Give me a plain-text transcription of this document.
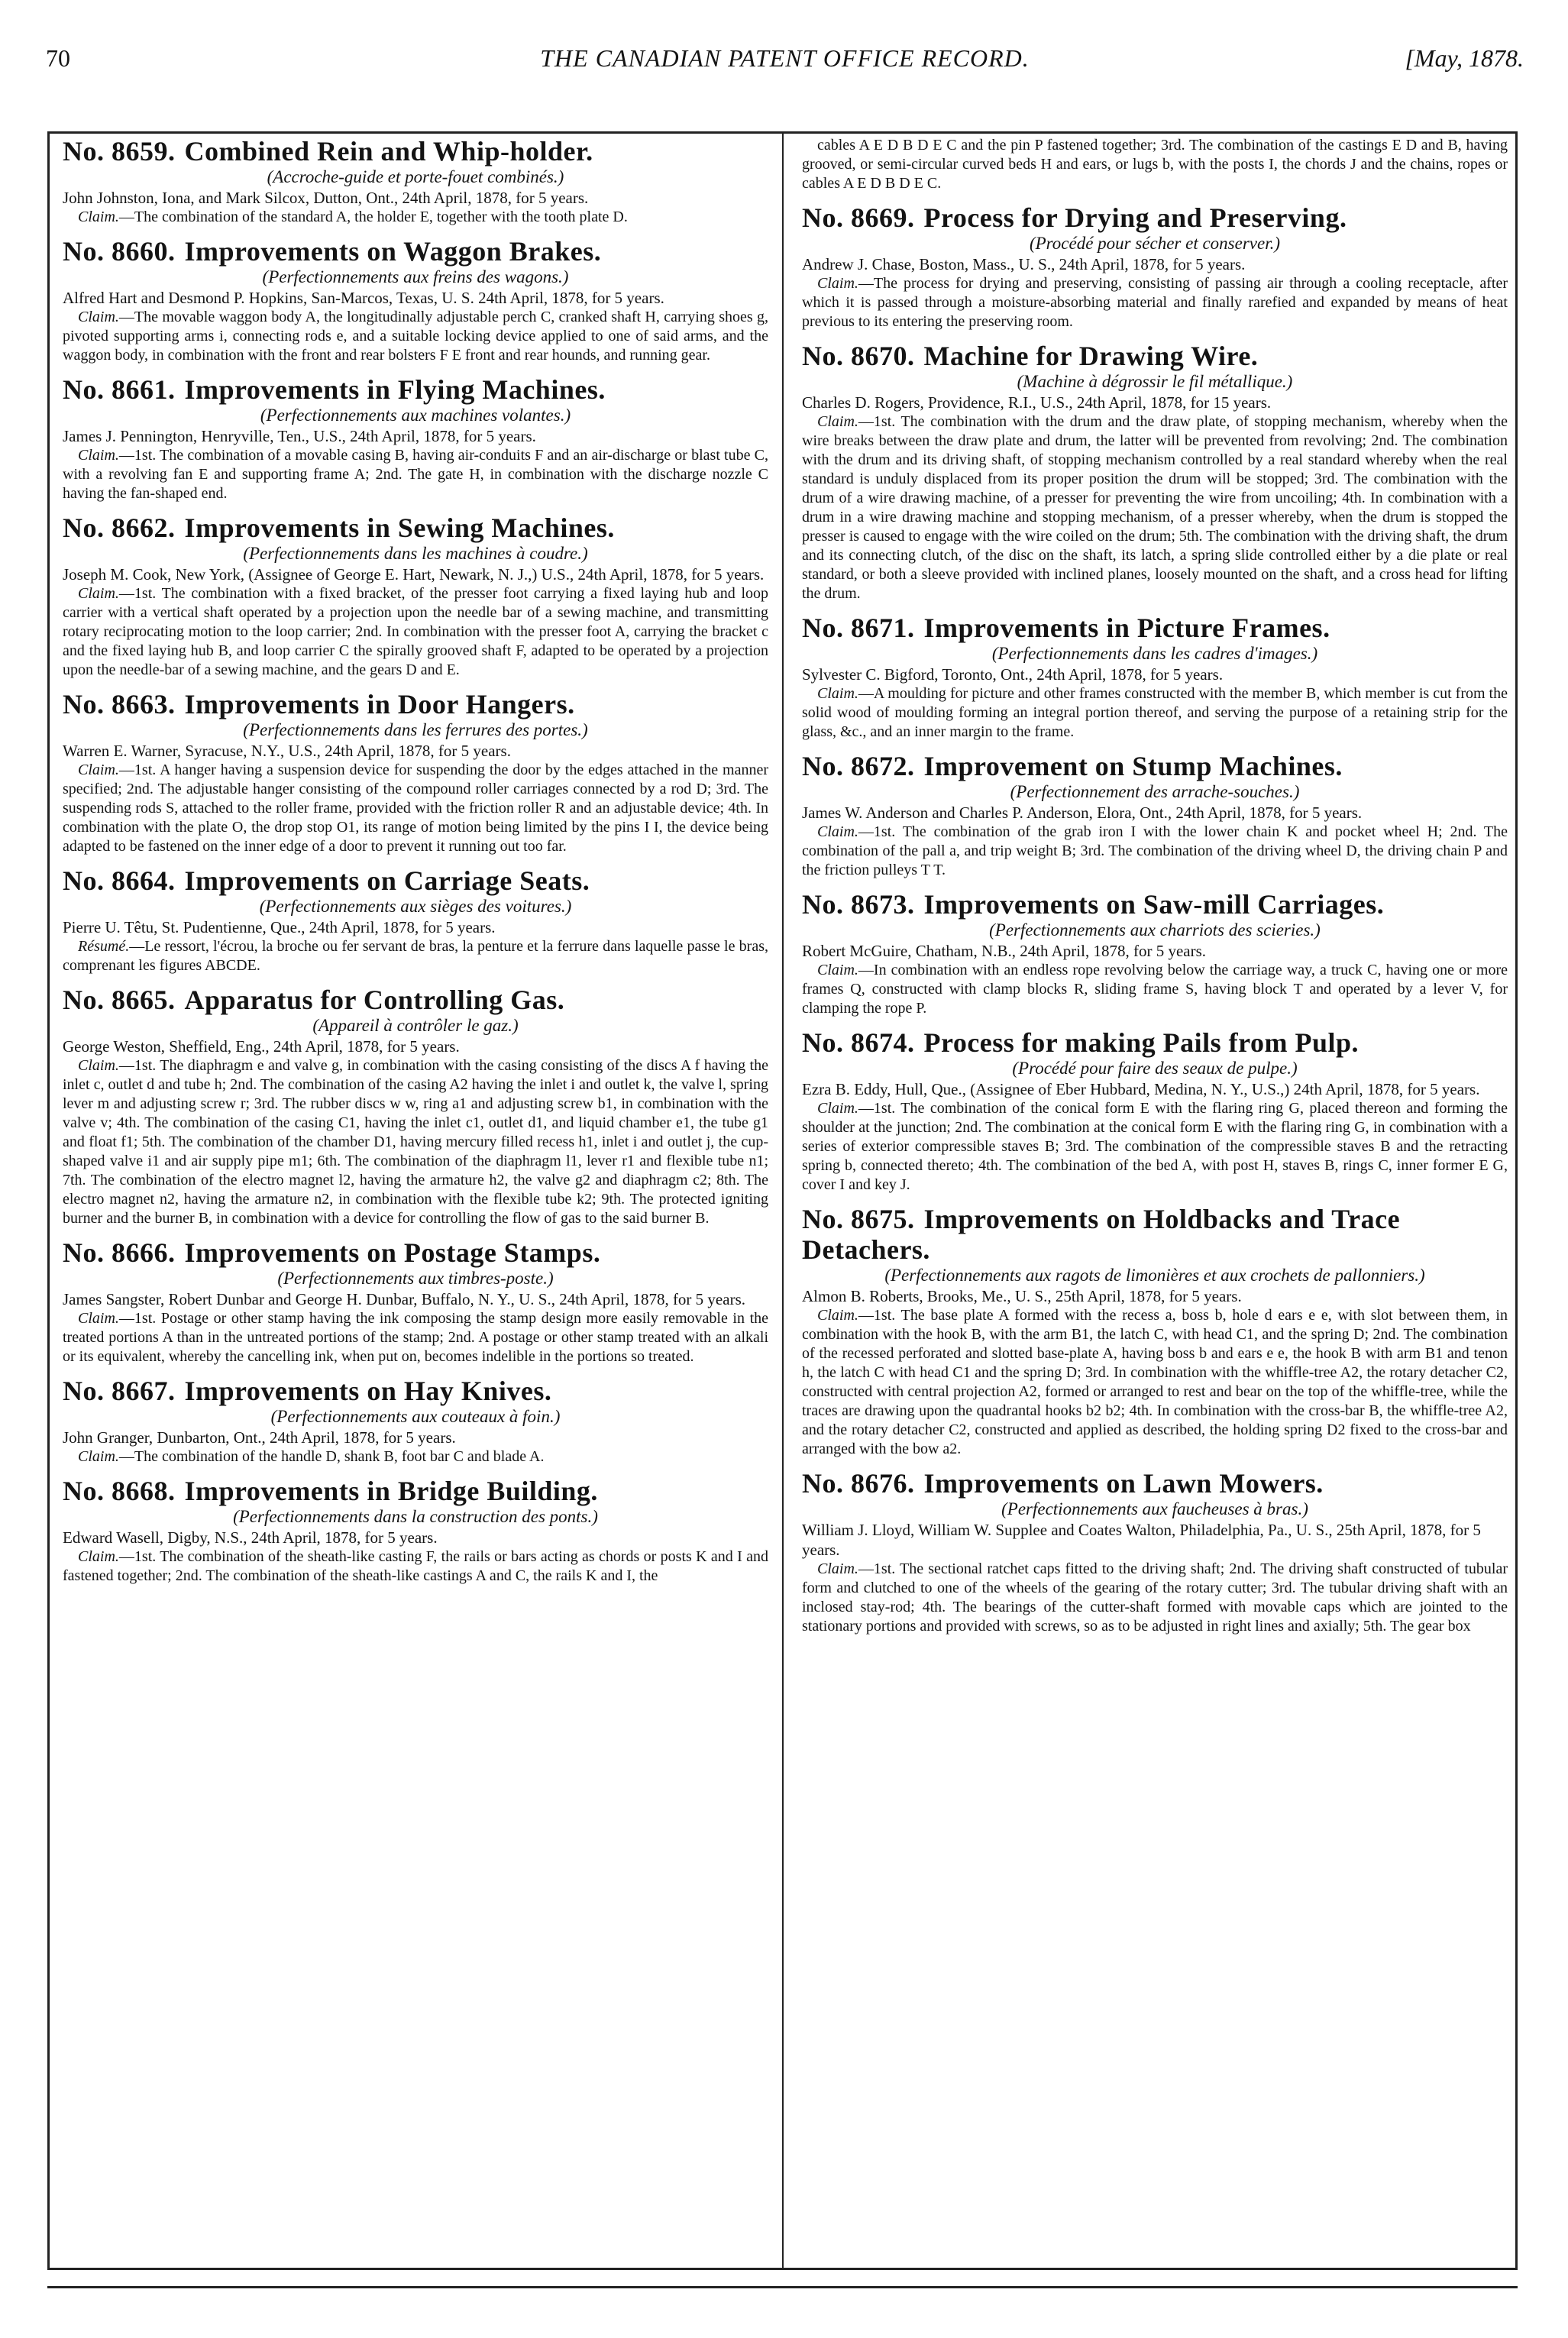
70	THE CANADIAN PATENT OFFICE RECORD.	[May, 1878.
No. 8659. Combined Rein and Whip-holder.
(Accroche-guide et porte-fouet combinés.)
John Johnston, Iona, and Mark Silcox, Dutton, Ont., 24th April, 1878, for 5 years.
Claim.—The combination of the standard A, the holder E, together with the tooth plate D.
No. 8660. Improvements on Waggon Brakes.
(Perfectionnements aux freins des wagons.)
Alfred Hart and Desmond P. Hopkins, San-Marcos, Texas, U. S. 24th April, 1878, for 5 years.
Claim.—The movable waggon body A, the longitudinally adjustable perch C, cranked shaft H, carrying shoes g, pivoted supporting arms i, connecting rods e, and a suitable locking device applied to one of said arms, and the waggon body, in combination with the front and rear bolsters F E front and rear hounds, and running gear.
No. 8661. Improvements in Flying Machines.
(Perfectionnements aux machines volantes.)
James J. Pennington, Henryville, Ten., U.S., 24th April, 1878, for 5 years.
Claim.—1st. The combination of a movable casing B, having air-conduits F and an air-discharge or blast tube C, with a revolving fan E and supporting frame A; 2nd. The gate H, in combination with the discharge nozzle C having the fan-shaped end.
No. 8662. Improvements in Sewing Machines.
(Perfectionnements dans les machines à coudre.)
Joseph M. Cook, New York, (Assignee of George E. Hart, Newark, N. J.,) U.S., 24th April, 1878, for 5 years.
Claim.—1st. The combination with a fixed bracket, of the presser foot carrying a fixed laying hub and loop carrier with a vertical shaft operated by a projection upon the needle bar of a sewing machine, and transmitting rotary reciprocating motion to the loop carrier; 2nd. In combination with the presser foot A, carrying the bracket c and the fixed laying hub B, and loop carrier C the spirally grooved shaft F, adapted to be operated by a projection upon the needle-bar of a sewing machine, and the gears D and E.
No. 8663. Improvements in Door Hangers.
(Perfectionnements dans les ferrures des portes.)
Warren E. Warner, Syracuse, N.Y., U.S., 24th April, 1878, for 5 years.
Claim.—1st. A hanger having a suspension device for suspending the door by the edges attached in the manner specified; 2nd. The adjustable hanger consisting of the compound roller carriages connected by a rod D; 3rd. The suspending rods S, attached to the roller frame, provided with the friction roller R and an adjustable device; 4th. In combination with the plate O, the drop stop O1, its range of motion being limited by the pins I I, the device being adapted to be fastened on the inner edge of a door to prevent it running out too far.
No. 8664. Improvements on Carriage Seats.
(Perfectionnements aux sièges des voitures.)
Pierre U. Têtu, St. Pudentienne, Que., 24th April, 1878, for 5 years.
Résumé.—Le ressort, l'écrou, la broche ou fer servant de bras, la penture et la ferrure dans laquelle passe le bras, comprenant les figures ABCDE.
No. 8665. Apparatus for Controlling Gas.
(Appareil à contrôler le gaz.)
George Weston, Sheffield, Eng., 24th April, 1878, for 5 years.
Claim.—1st. The diaphragm e and valve g, in combination with the casing consisting of the discs A f having the inlet c, outlet d and tube h; 2nd. The combination of the casing A2 having the inlet i and outlet k, the valve l, spring lever m and adjusting screw r; 3rd. The rubber discs w w, ring a1 and adjusting screw b1, in combination with the valve v; 4th. The combination of the casing C1, having the inlet c1, outlet d1, and liquid chamber e1, the tube g1 and float f1; 5th. The combination of the chamber D1, having mercury filled recess h1, inlet i and outlet j, the cup-shaped valve i1 and air supply pipe m1; 6th. The combination of the diaphragm l1, lever r1 and flexible tube n1; 7th. The combination of the electro magnet l2, having the armature h2, the valve g2 and diaphragm c2; 8th. The electro magnet n2, having the armature n2, in combination with the flexible tube k2; 9th. The protected igniting burner and the burner B, in combination with a device for controlling the flow of gas to the said burner B.
No. 8666. Improvements on Postage Stamps.
(Perfectionnements aux timbres-poste.)
James Sangster, Robert Dunbar and George H. Dunbar, Buffalo, N. Y., U. S., 24th April, 1878, for 5 years.
Claim.—1st. Postage or other stamp having the ink composing the stamp design more easily removable in the treated portions A than in the untreated portions of the stamp; 2nd. A postage or other stamp treated with an alkali or its equivalent, whereby the cancelling ink, when put on, becomes indelible in the portions so treated.
No. 8667. Improvements on Hay Knives.
(Perfectionnements aux couteaux à foin.)
John Granger, Dunbarton, Ont., 24th April, 1878, for 5 years.
Claim.—The combination of the handle D, shank B, foot bar C and blade A.
No. 8668. Improvements in Bridge Building.
(Perfectionnements dans la construction des ponts.)
Edward Wasell, Digby, N.S., 24th April, 1878, for 5 years.
Claim.—1st. The combination of the sheath-like casting F, the rails or bars acting as chords or posts K and I and fastened together; 2nd. The combination of the sheath-like castings A and C, the rails K and I, the
cables A E D B D E C and the pin P fastened together; 3rd. The combination of the castings E D and B, having grooved, or semi-circular curved beds H and ears, or lugs b, with the posts I, the chords J and the chains, ropes or cables A E D B D E C.
No. 8669. Process for Drying and Preserving.
(Procédé pour sécher et conserver.)
Andrew J. Chase, Boston, Mass., U. S., 24th April, 1878, for 5 years.
Claim.—The process for drying and preserving, consisting of passing air through a cooling receptacle, after which it is passed through a moisture-absorbing material and finally rarefied and expanded by means of heat previous to its entering the preserving room.
No. 8670. Machine for Drawing Wire.
(Machine à dégrossir le fil métallique.)
Charles D. Rogers, Providence, R.I., U.S., 24th April, 1878, for 15 years.
Claim.—1st. The combination with the drum and the draw plate, of stopping mechanism, whereby when the wire breaks between the draw plate and drum, the latter will be prevented from revolving; 2nd. The combination with the drum and its driving shaft, of stopping mechanism controlled by a real standard whereby when the real standard is unduly displaced from its proper position the drum will be stopped; 3rd. The combination with the drum of a wire drawing machine, of a presser for preventing the wire from uncoiling; 4th. In combination with a drum in a wire drawing machine and stopping mechanism, of a presser whereby, when the drum is stopped the presser is caused to engage with the wire coiled on the drum; 5th. The combination with the driving shaft, the drum and its connecting clutch, of the disc on the shaft, its latch, a spring slide controlled either by a die plate or real standard, or both a sleeve provided with inclined planes, loosely mounted on the shaft, and a cross head for lifting the drum.
No. 8671. Improvements in Picture Frames.
(Perfectionnements dans les cadres d'images.)
Sylvester C. Bigford, Toronto, Ont., 24th April, 1878, for 5 years.
Claim.—A moulding for picture and other frames constructed with the member B, which member is cut from the solid wood of moulding forming an integral portion thereof, and serving the purpose of a retaining strip for the glass, &c., and an inner margin to the frame.
No. 8672. Improvement on Stump Machines.
(Perfectionnement des arrache-souches.)
James W. Anderson and Charles P. Anderson, Elora, Ont., 24th April, 1878, for 5 years.
Claim.—1st. The combination of the grab iron I with the lower chain K and pocket wheel H; 2nd. The combination of the pall a, and trip weight B; 3rd. The combination of the driving wheel D, the driving chain P and the friction pulleys T T.
No. 8673. Improvements on Saw-mill Carriages.
(Perfectionnements aux charriots des scieries.)
Robert McGuire, Chatham, N.B., 24th April, 1878, for 5 years.
Claim.—In combination with an endless rope revolving below the carriage way, a truck C, having one or more frames Q, constructed with clamp blocks R, sliding frame S, having block T and operated by a lever V, for clamping the rope P.
No. 8674. Process for making Pails from Pulp.
(Procédé pour faire des seaux de pulpe.)
Ezra B. Eddy, Hull, Que., (Assignee of Eber Hubbard, Medina, N. Y., U.S.,) 24th April, 1878, for 5 years.
Claim.—1st. The combination of the conical form E with the flaring ring G, placed thereon and forming the shoulder at the junction; 2nd. The combination at the conical form E with the flaring ring G, in combination with a series of exterior compressible staves B; 3rd. The combination of the compressible staves B and the retracting spring b, connected thereto; 4th. The combination of the bed A, with post H, staves B, rings C, inner former E G, cover I and key J.
No. 8675. Improvements on Holdbacks and Trace Detachers.
(Perfectionnements aux ragots de limonières et aux crochets de pallonniers.)
Almon B. Roberts, Brooks, Me., U. S., 25th April, 1878, for 5 years.
Claim.—1st. The base plate A formed with the recess a, boss b, hole d ears e e, with slot between them, in combination with the hook B, with the arm B1, the latch C, with head C1, and the spring D; 2nd. The combination of the recessed perforated and slotted base-plate A, having boss b and ears e e, the hook B with arm B1 and tenon h, the latch C with head C1 and the spring D; 3rd. In combination with the whiffle-tree A2, the rotary detacher C2, constructed with central projection A2, formed or arranged to rest and bear on the top of the whiffle-tree, while the traces are drawing upon the quadrantal hooks b2 b2; 4th. In combination with the cross-bar B, the whiffle-tree A2, and the rotary detacher C2, constructed and applied as described, the holding spring D2 fixed to the cross-bar and arranged with the bow a2.
No. 8676. Improvements on Lawn Mowers.
(Perfectionnements aux faucheuses à bras.)
William J. Lloyd, William W. Supplee and Coates Walton, Philadelphia, Pa., U. S., 25th April, 1878, for 5 years.
Claim.—1st. The sectional ratchet caps fitted to the driving shaft; 2nd. The driving shaft constructed of tubular form and clutched to one of the wheels of the gearing of the rotary cutter; 3rd. The tubular driving shaft with an inclosed stay-rod; 4th. The bearings of the cutter-shaft formed with movable caps which are jointed to the stationary portions and provided with screws, so as to be adjusted in right lines and axially; 5th. The gear box
